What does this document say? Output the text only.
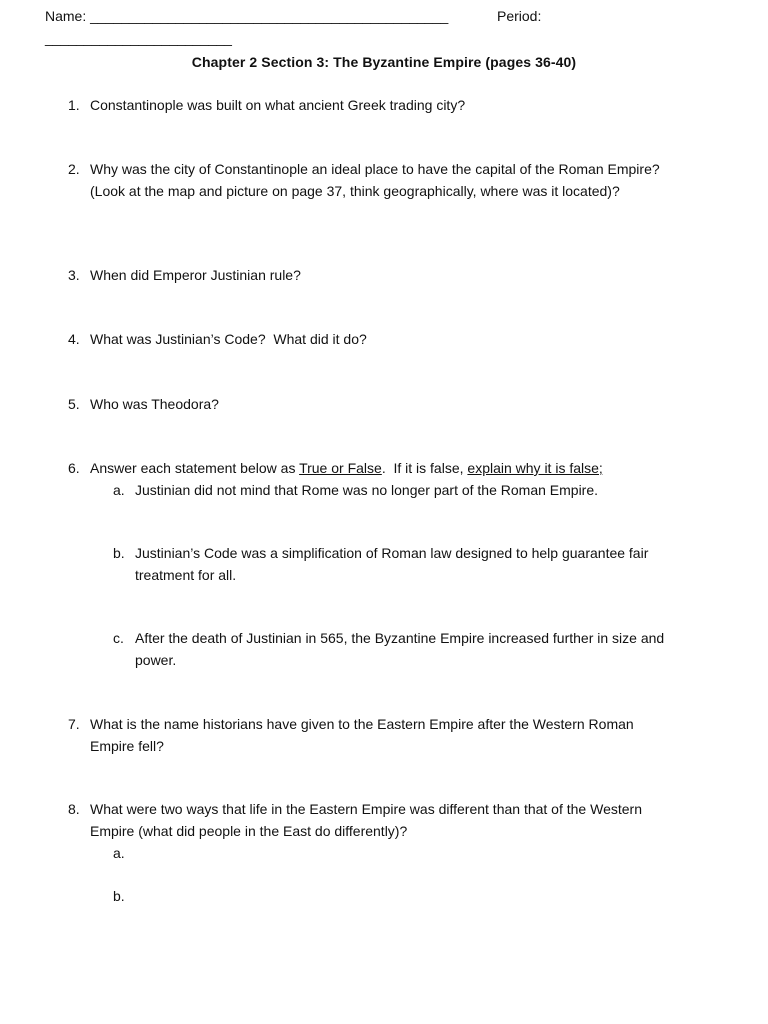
Name: ______________________________________________	Period:
________________________
Chapter 2 Section 3: The Byzantine Empire (pages 36-40)
1. Constantinople was built on what ancient Greek trading city?
2. Why was the city of Constantinople an ideal place to have the capital of the Roman Empire?
(Look at the map and picture on page 37, think geographically, where was it located)?
3. When did Emperor Justinian rule?
4. What was Justinian’s Code?  What did it do?
5. Who was Theodora?
6. Answer each statement below as True or False.  If it is false, explain why it is false;
a. Justinian did not mind that Rome was no longer part of the Roman Empire.
b. Justinian’s Code was a simplification of Roman law designed to help guarantee fair
treatment for all.
c. After the death of Justinian in 565, the Byzantine Empire increased further in size and
power.
7. What is the name historians have given to the Eastern Empire after the Western Roman
Empire fell?
8. What were two ways that life in the Eastern Empire was different than that of the Western
Empire (what did people in the East do differently)?
a.
b.
